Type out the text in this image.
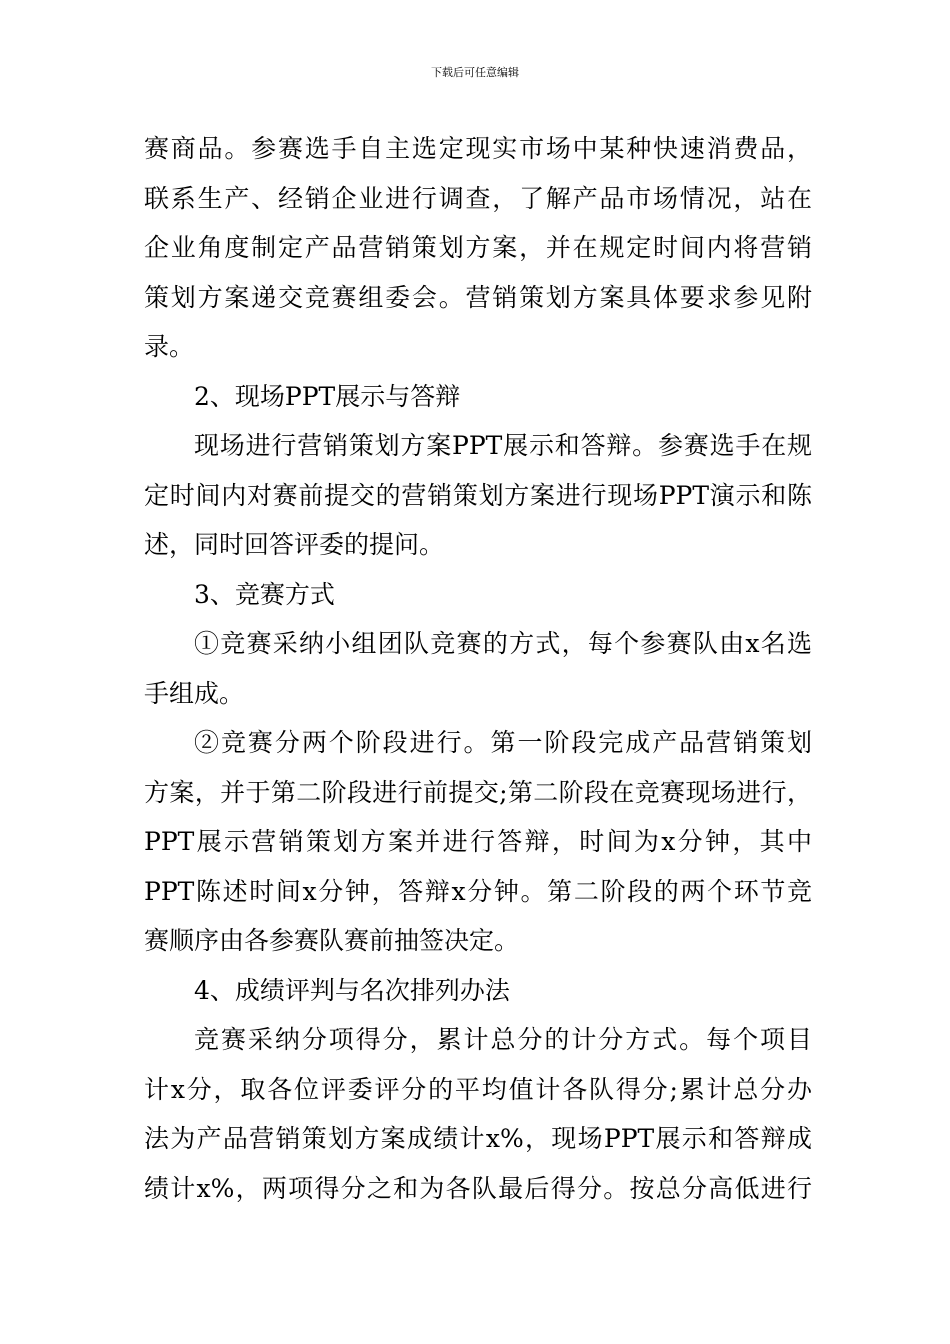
下载后可任意编辑
赛商品。参赛选手自主选定现实市场中某种快速消费品，
联系生产、经销企业进行调查，了解产品市场情况，站在
企业角度制定产品营销策划方案，并在规定时间内将营销
策划方案递交竞赛组委会。营销策划方案具体要求参见附
录。
2、现场PPT展示与答辩
现场进行营销策划方案PPT展示和答辩。参赛选手在规
定时间内对赛前提交的营销策划方案进行现场PPT演示和陈
述，同时回答评委的提问。
3、竞赛方式
①竞赛采纳小组团队竞赛的方式，每个参赛队由x名选
手组成。
②竞赛分两个阶段进行。第一阶段完成产品营销策划
方案，并于第二阶段进行前提交;第二阶段在竞赛现场进行，
PPT展示营销策划方案并进行答辩，时间为x分钟，其中
PPT陈述时间x分钟，答辩x分钟。第二阶段的两个环节竞
赛顺序由各参赛队赛前抽签决定。
4、成绩评判与名次排列办法
竞赛采纳分项得分，累计总分的计分方式。每个项目
计x分，取各位评委评分的平均值计各队得分;累计总分办
法为产品营销策划方案成绩计x%，现场PPT展示和答辩成
绩计x%，两项得分之和为各队最后得分。按总分高低进行
